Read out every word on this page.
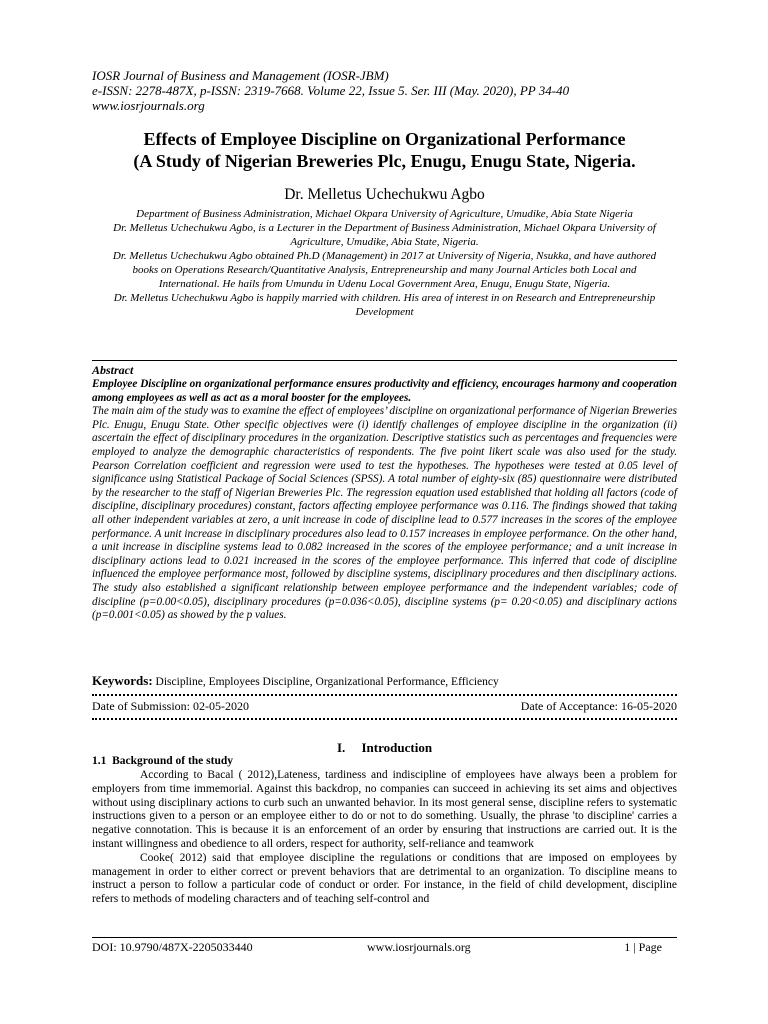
IOSR Journal of Business and Management (IOSR-JBM)
e-ISSN: 2278-487X, p-ISSN: 2319-7668. Volume 22, Issue 5. Ser. III (May. 2020), PP 34-40
www.iosrjournals.org
Effects of Employee Discipline on Organizational Performance
(A Study of Nigerian Breweries Plc, Enugu, Enugu State, Nigeria.
Dr. Melletus Uchechukwu Agbo
Department of Business Administration, Michael Okpara University of Agriculture, Umudike, Abia State Nigeria
Dr. Melletus Uchechukwu Agbo, is a Lecturer in the Department of Business Administration, Michael Okpara University of Agriculture, Umudike, Abia State, Nigeria.
Dr. Melletus Uchechukwu Agbo obtained Ph.D (Management) in 2017 at University of Nigeria, Nsukka, and have authored books on Operations Research/Quantitative Analysis, Entrepreneurship and many Journal Articles both Local and International. He hails from Umundu in Udenu Local Government Area, Enugu, Enugu State, Nigeria.
Dr. Melletus Uchechukwu Agbo is happily married with children. His area of interest in on Research and Entrepreneurship Development
Abstract
Employee Discipline on organizational performance ensures productivity and efficiency, encourages harmony and cooperation among employees as well as act as a moral booster for the employees.
The main aim of the study was to examine the effect of employees’ discipline on organizational performance of Nigerian Breweries Plc. Enugu, Enugu State. Other specific objectives were (i) identify challenges of employee discipline in the organization (ii) ascertain the effect of disciplinary procedures in the organization. Descriptive statistics such as percentages and frequencies were employed to analyze the demographic characteristics of respondents. The five point likert scale was also used for the study. Pearson Correlation coefficient and regression were used to test the hypotheses. The hypotheses were tested at 0.05 level of significance using Statistical Package of Social Sciences (SPSS). A total number of eighty-six (85) questionnaire were distributed by the researcher to the staff of Nigerian Breweries Plc. The regression equation used established that holding all factors (code of discipline, disciplinary procedures) constant, factors affecting employee performance was 0.116. The findings showed that taking all other independent variables at zero, a unit increase in code of discipline lead to 0.577 increases in the scores of the employee performance. A unit increase in disciplinary procedures also lead to 0.157 increases in employee performance. On the other hand, a unit increase in discipline systems lead to 0.082 increased in the scores of the employee performance; and a unit increase in disciplinary actions lead to 0.021 increased in the scores of the employee performance. This inferred that code of discipline influenced the employee performance most, followed by discipline systems, disciplinary procedures and then disciplinary actions. The study also established a significant relationship between employee performance and the independent variables; code of discipline (p=0.00<0.05), disciplinary procedures (p=0.036<0.05), discipline systems (p= 0.20<0.05) and disciplinary actions (p=0.001<0.05) as showed by the p values.
Keywords: Discipline, Employees Discipline, Organizational Performance, Efficiency
Date of Submission: 02-05-2020	Date of Acceptance: 16-05-2020
I.     Introduction
1.1  Background of the study

According to Bacal ( 2012),Lateness, tardiness and indiscipline of employees have always been a problem for employers from time immemorial. Against this backdrop, no companies can succeed in achieving its set aims and objectives without using disciplinary actions to curb such an unwanted behavior. In its most general sense, discipline refers to systematic instructions given to a person or an employee either to do or not to do something. Usually, the phrase 'to discipline' carries a negative connotation. This is because it is an enforcement of an order by ensuring that instructions are carried out. It is the instant willingness and obedience to all orders, respect for authority, self-reliance and teamwork

Cooke( 2012) said that employee discipline the regulations or conditions that are imposed on employees by management in order to either correct or prevent behaviors that are detrimental to an organization. To discipline means to instruct a person to follow a particular code of conduct or order. For instance, in the field of child development, discipline refers to methods of modeling characters and of teaching self-control and

DOI: 10.9790/487X-2205033440	www.iosrjournals.org	1 | Page
